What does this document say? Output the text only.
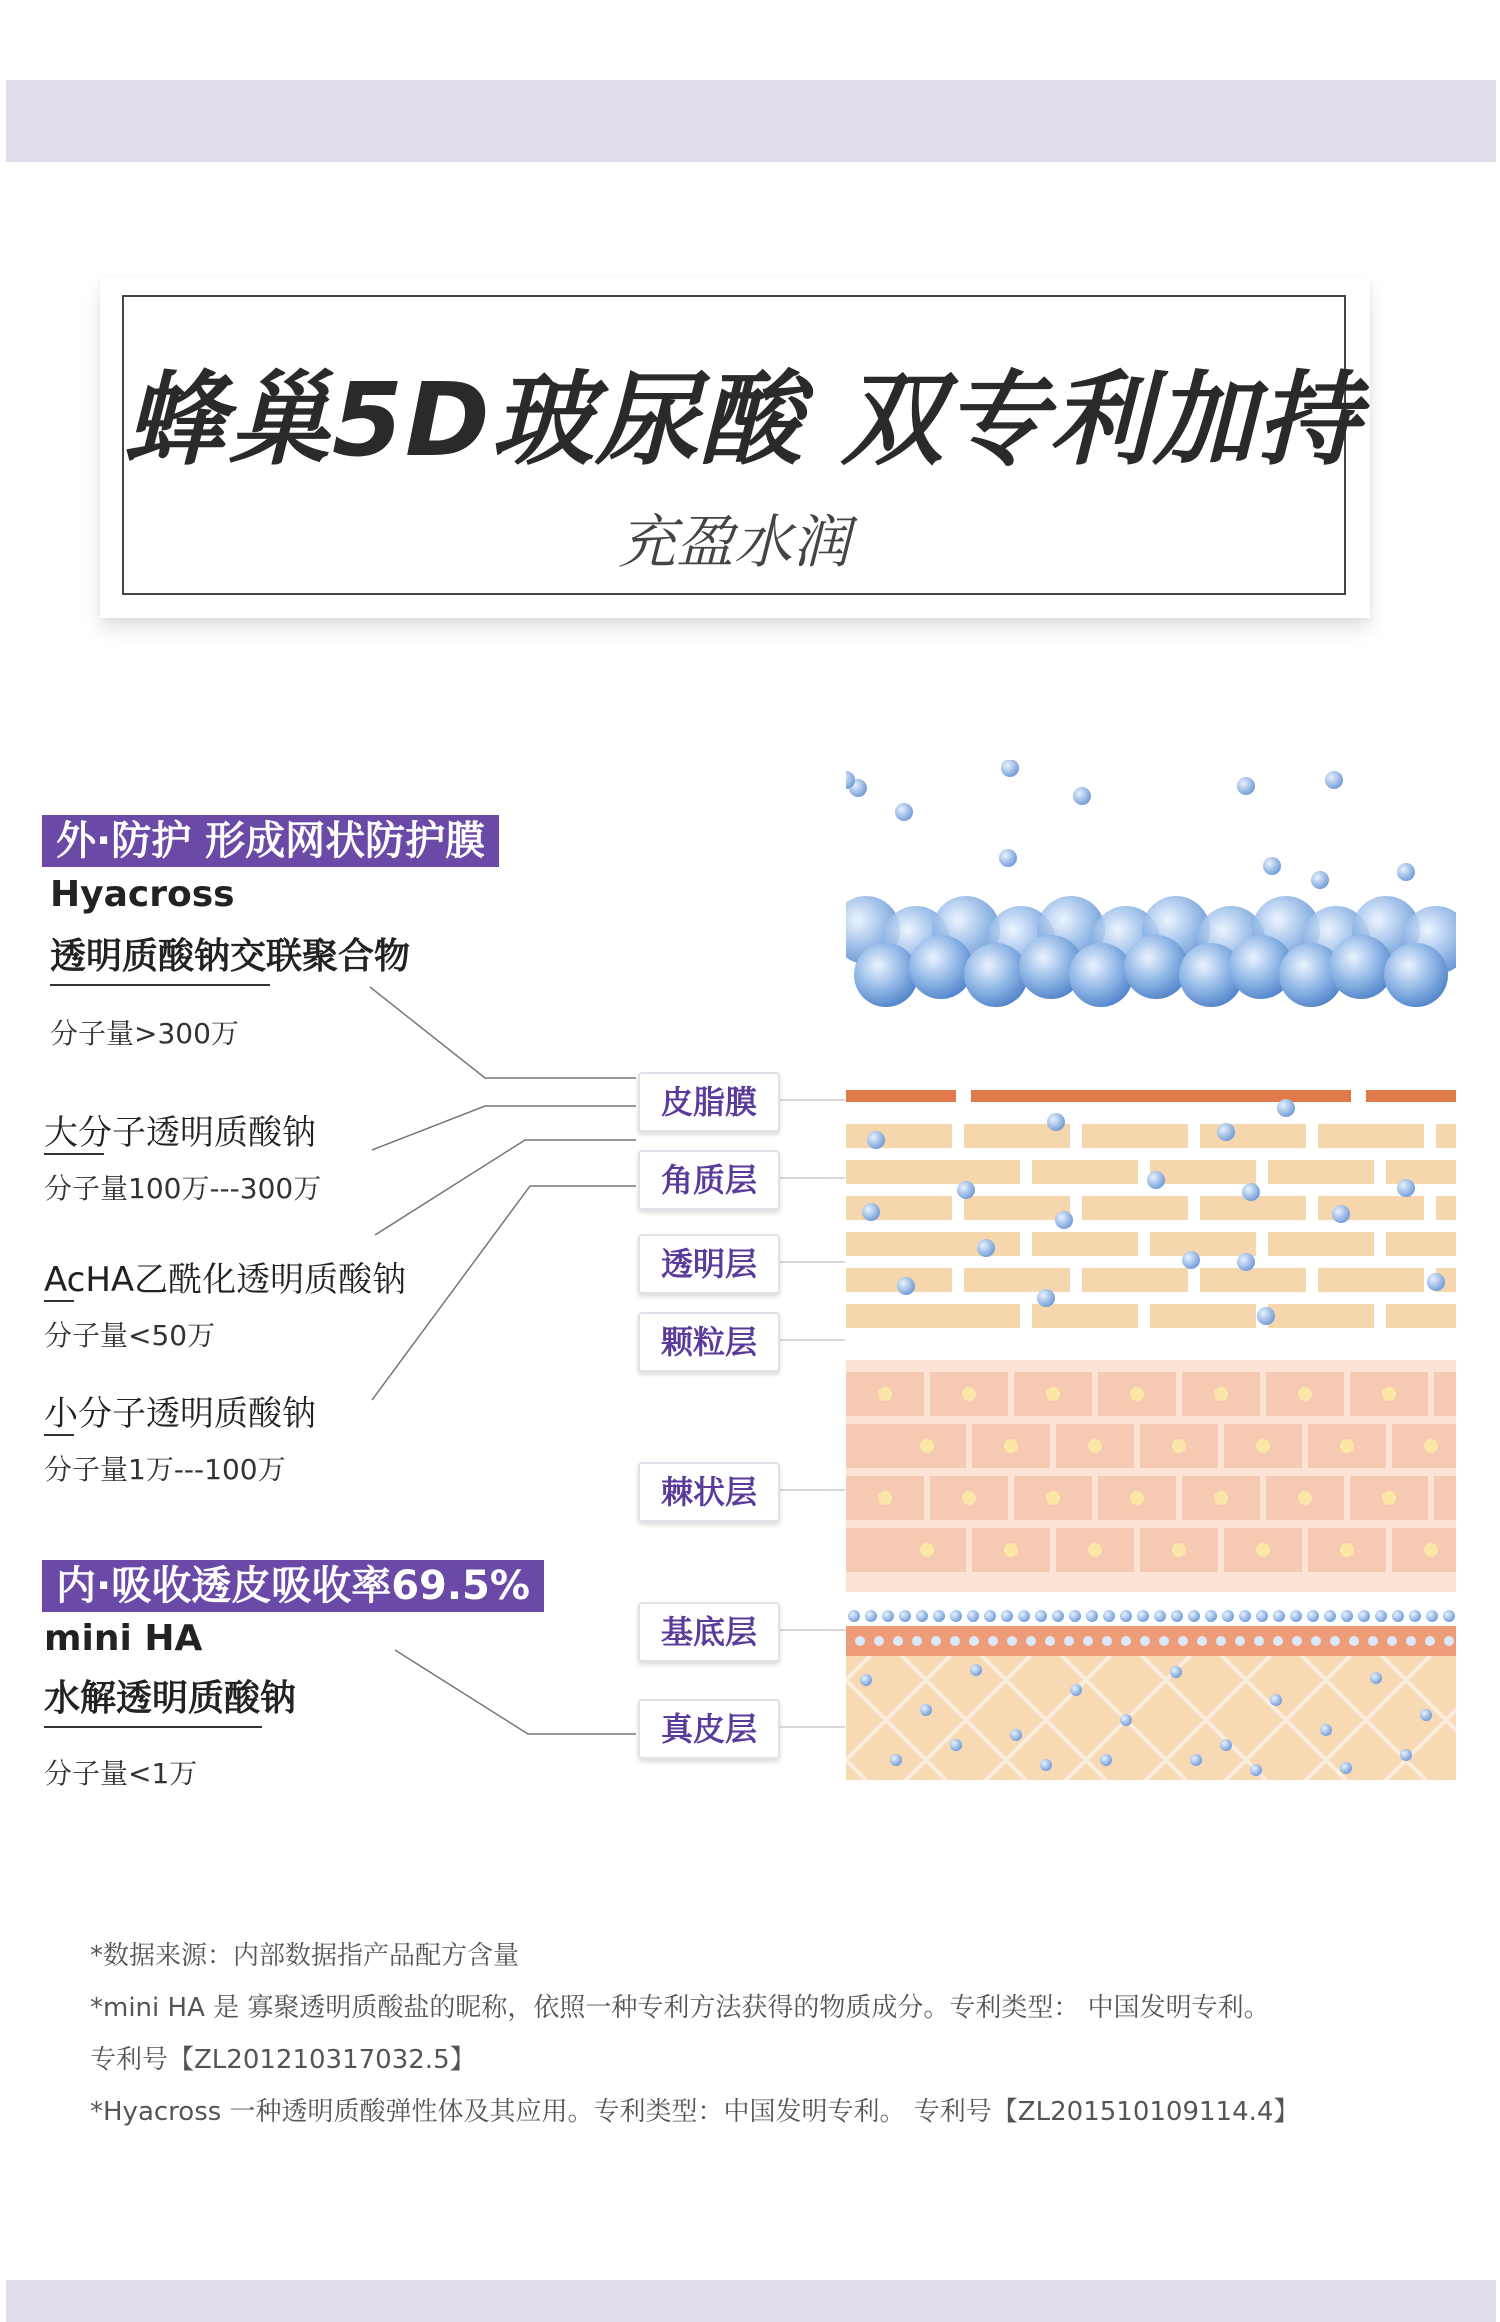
蜂巢5D玻尿酸 双专利加持
充盈水润
外·防护 形成网状防护膜
Hyacross
透明质酸钠交联聚合物
分子量>300万
大分子透明质酸钠
分子量100万---300万
AcHA乙酰化透明质酸钠
分子量<50万
小分子透明质酸钠
分子量1万---100万
内·吸收透皮吸收率69.5%
mini HA
水解透明质酸钠
分子量<1万
皮脂膜
角质层
透明层
颗粒层
棘状层
基底层
真皮层
*数据来源：内部数据指产品配方含量
*mini HA 是 寡聚透明质酸盐的昵称，依照一种专利方法获得的物质成分。专利类型： 中国发明专利。
专利号【ZL201210317032.5】
*Hyacross 一种透明质酸弹性体及其应用。专利类型：中国发明专利。 专利号【ZL201510109114.4】
